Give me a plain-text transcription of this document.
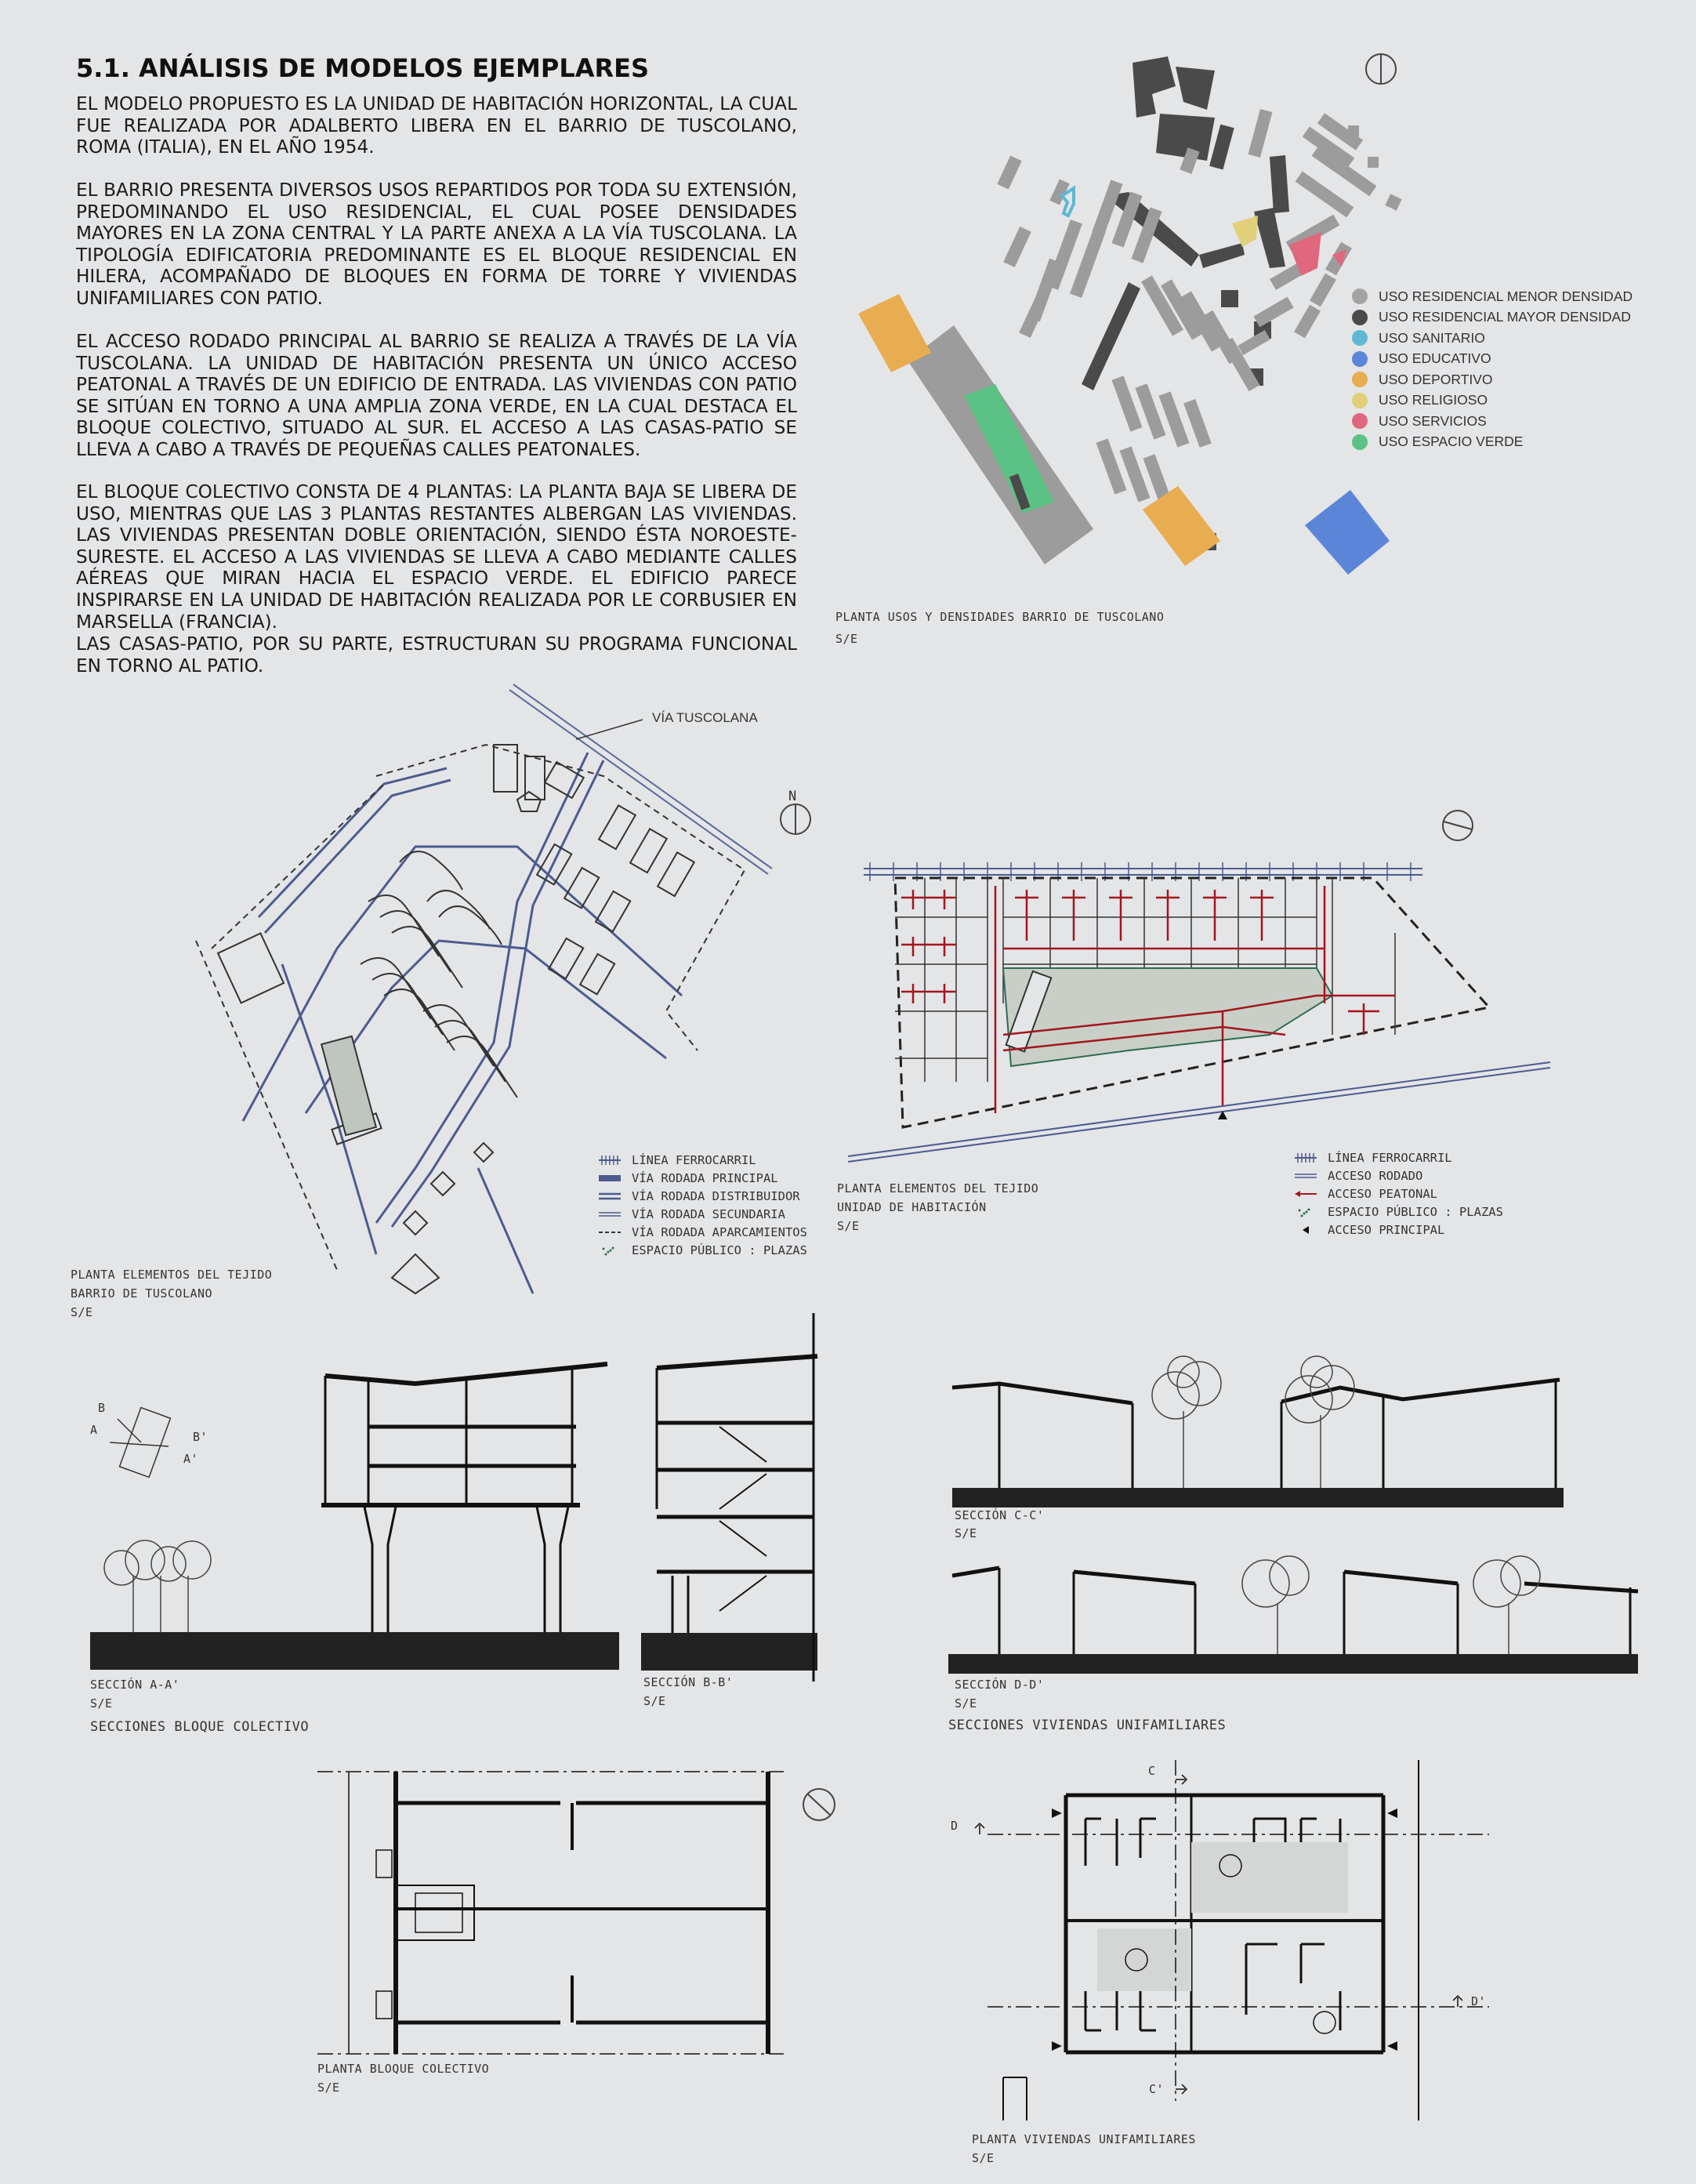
5.1. ANÁLISIS DE MODELOS EJEMPLARES
EL MODELO PROPUESTO ES LA UNIDAD DE HABITACIÓN HORIZONTAL, LA CUAL FUE REALIZADA POR ADALBERTO LIBERA EN EL BARRIO DE TUSCOLANO, ROMA (ITALIA), EN EL AÑO 1954.
EL BARRIO PRESENTA DIVERSOS USOS REPARTIDOS POR TODA SU EXTENSIÓN, PREDOMINANDO EL USO RESIDENCIAL, EL CUAL POSEE DENSIDADES MAYORES EN LA ZONA CENTRAL Y LA PARTE ANEXA A LA VÍA TUSCOLANA. LA TIPOLOGÍA EDIFICATORIA PREDOMINANTE ES EL BLOQUE RESIDENCIAL EN HILERA, ACOMPAÑADO DE BLOQUES EN FORMA DE TORRE Y VIVIENDAS UNIFAMILIARES CON PATIO.
EL ACCESO RODADO PRINCIPAL AL BARRIO SE REALIZA A TRAVÉS DE LA VÍA TUSCOLANA. LA UNIDAD DE HABITACIÓN PRESENTA UN ÚNICO ACCESO PEATONAL A TRAVÉS DE UN EDIFICIO DE ENTRADA. LAS VIVIENDAS CON PATIO SE SITÚAN EN TORNO A UNA AMPLIA ZONA VERDE, EN LA CUAL DESTACA EL BLOQUE COLECTIVO, SITUADO AL SUR. EL ACCESO A LAS CASAS-PATIO SE LLEVA A CABO A TRAVÉS DE PEQUEÑAS CALLES PEATONALES.
EL BLOQUE COLECTIVO CONSTA DE 4 PLANTAS: LA PLANTA BAJA SE LIBERA DE USO, MIENTRAS QUE LAS 3 PLANTAS RESTANTES ALBERGAN LAS VIVIENDAS. LAS VIVIENDAS PRESENTAN DOBLE ORIENTACIÓN, SIENDO ÉSTA NOROESTE-SURESTE. EL ACCESO A LAS VIVIENDAS SE LLEVA A CABO MEDIANTE CALLES AÉREAS QUE MIRAN HACIA EL ESPACIO VERDE. EL EDIFICIO PARECE INSPIRARSE EN LA UNIDAD DE HABITACIÓN REALIZADA POR LE CORBUSIER EN MARSELLA (FRANCIA).
LAS CASAS-PATIO, POR SU PARTE, ESTRUCTURAN SU PROGRAMA FUNCIONAL EN TORNO AL PATIO.
USO RESIDENCIAL MENOR DENSIDAD
USO RESIDENCIAL MAYOR DENSIDAD
USO SANITARIO
USO EDUCATIVO
USO DEPORTIVO
USO RELIGIOSO
USO SERVICIOS
USO ESPACIO VERDE
PLANTA USOS Y DENSIDADES BARRIO DE TUSCOLANO
S/E
VÍA TUSCOLANA
N
LÍNEA FERROCARRIL
VÍA RODADA PRINCIPAL
VÍA RODADA DISTRIBUIDOR
VÍA RODADA SECUNDARIA
VÍA RODADA APARCAMIENTOS
ESPACIO PÚBLICO : PLAZAS
PLANTA ELEMENTOS DEL TEJIDO
BARRIO DE TUSCOLANO
S/E
LÍNEA FERROCARRIL
ACCESO RODADO
ACCESO PEATONAL
ESPACIO PÚBLICO : PLAZAS
ACCESO PRINCIPAL
PLANTA ELEMENTOS DEL TEJIDO
UNIDAD DE HABITACIÓN
S/E
B
A	B'
A'
SECCIÓN A-A'
S/E
SECCIONES BLOQUE COLECTIVO
SECCIÓN B-B'
S/E
SECCIÓN C-C'
S/E
SECCIÓN D-D'
S/E
SECCIONES VIVIENDAS UNIFAMILIARES
PLANTA BLOQUE COLECTIVO
S/E
C
C'
D
D'
PLANTA VIVIENDAS UNIFAMILIARES
S/E
